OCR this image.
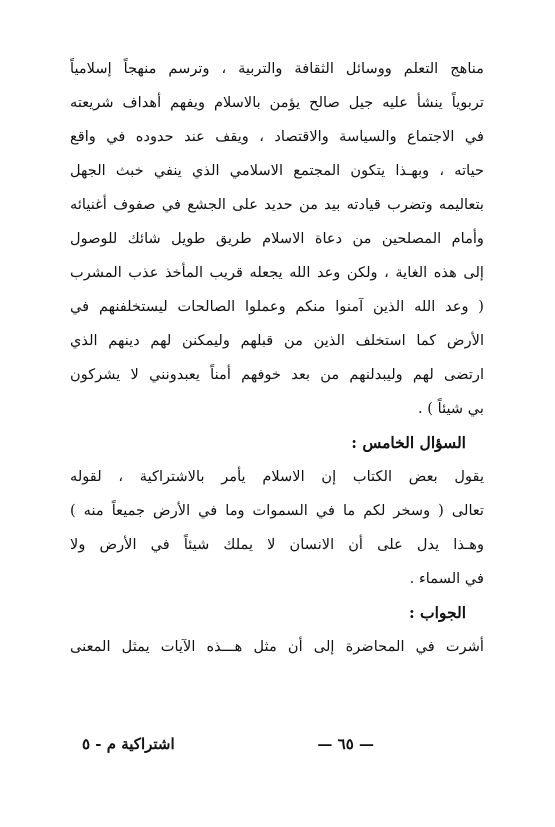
مناهج التعلم ووسائل الثقافة والتربية ، وترسم منهجاً إسلامياً
تربوياً ينشأ عليه جيل صالح يؤمن بالاسلام ويفهم أهداف شريعته
في الاجتماع والسياسة والاقتصاد ، ويقف عند حدوده في واقع
حياته ، وبهـذا يتكون المجتمع الاسلامي الذي ينفي خبث الجهل
بتعاليمه وتضرب قيادته بيد من حديد على الجشع في صفوف أغنيائه
وأمام المصلحين من دعاة الاسلام طريق طويل شائك للوصول
إلى هذه الغاية ، ولكن وعد الله يجعله قريب المأخذ عذب المشرب
( وعد الله الذين آمنوا منكم وعملوا الصالحات ليستخلفنهم في
الأرض كما استخلف الذين من قبلهم وليمكنن لهم دينهم الذي
ارتضى لهم وليبدلنهم من بعد خوفهم أمناً يعبدونني لا يشركون
بي شيئاً ) .
السؤال الخامس :
يقول بعض الكتاب إن الاسلام يأمر بالاشتراكية ، لقوله
تعالى ( وسخر لكم ما في السموات وما في الأرض جميعاً منه )
وهـذا يدل على أن الانسان لا يملك شيئاً في الأرض ولا
في السماء .
الجواب :
أشرت في المحاضرة إلى أن مثل هـــذه الآيات يمثل المعنى
— ٦٥ —
اشتراكية م - ٥
